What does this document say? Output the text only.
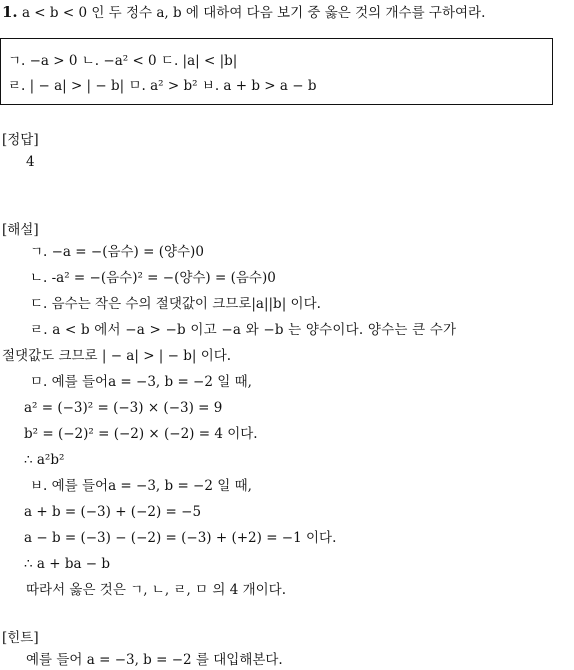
1. a < b < 0 인 두 정수 a, b 에 대하여 다음 보기 중 옳은 것의 개수를 구하여라.
ㄱ. −a > 0 ㄴ. −a² < 0 ㄷ. |a| < |b|
ㄹ. | − a| > | − b| ㅁ. a² > b² ㅂ. a + b > a − b
[정답]
4
[해설]
ㄱ. −a = −(음수) = (양수)0
ㄴ. -a² = −(음수)² = −(양수) = (음수)0
ㄷ. 음수는 작은 수의 절댓값이 크므로|a||b| 이다.
ㄹ. a < b 에서 −a > −b 이고 −a 와 −b 는 양수이다. 양수는 큰 수가
절댓값도 크므로 | − a| > | − b| 이다.
ㅁ. 예를 들어a = −3, b = −2 일 때,
a² = (−3)² = (−3) × (−3) = 9
b² = (−2)² = (−2) × (−2) = 4 이다.
∴ a²b²
ㅂ. 예를 들어a = −3, b = −2 일 때,
a + b = (−3) + (−2) = −5
a − b = (−3) − (−2) = (−3) + (+2) = −1 이다.
∴ a + ba − b
따라서 옳은 것은 ㄱ, ㄴ, ㄹ, ㅁ 의 4 개이다.
[힌트]
예를 들어 a = −3, b = −2 를 대입해본다.
